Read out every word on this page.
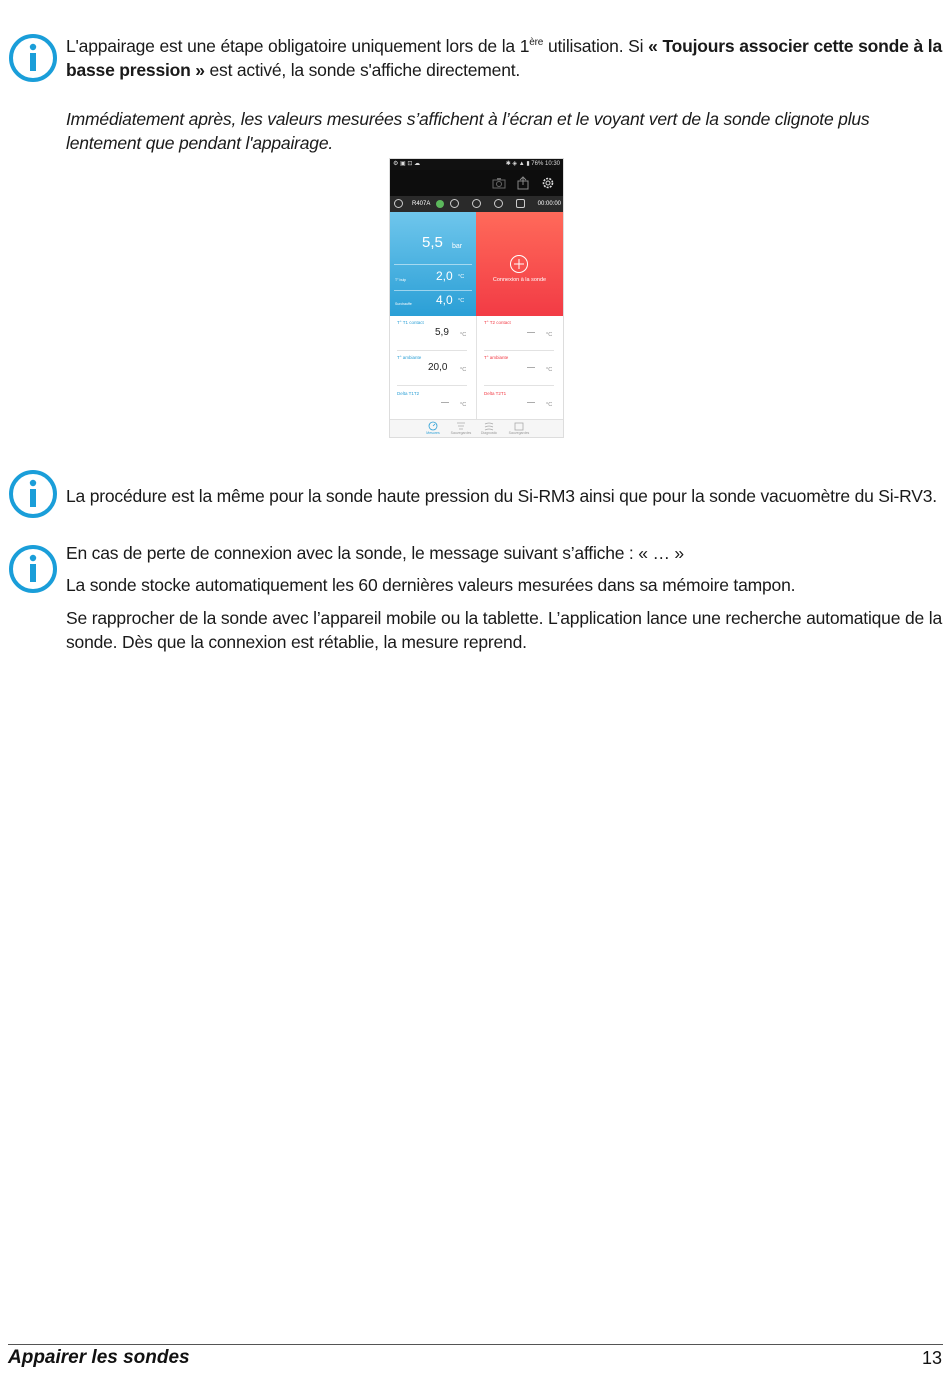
L'appairage est une étape obligatoire uniquement lors de la 1ère utilisation. Si « Toujours associer cette sonde à la basse pression » est activé, la sonde s'affiche directement.
Immédiatement après, les valeurs mesurées s’affichent à l’écran et le voyant vert de la sonde clignote plus lentement que pendant l'appairage.
⚙ ▣ ⊡ ☁	✱ ◈ ▲ ▮ 76% 10:30
R407A	00:00:00
5,5 bar
T° bulp 2,0 °C
Surchauffe 4,0 °C
Connexion à la sonde
T° T1 contact
5,9 °C
T° T2 contact
---- °C
T° ambiante
20,0 °C
T° ambiante
---- °C
Delta T1T2
---- °C
Delta T2T1
---- °C
Mesures	Sauvegardes	Diagnostic	Sauvegardes
La procédure est la même pour la sonde haute pression du Si-RM3 ainsi que pour la sonde vacuomètre du Si-RV3.
En cas de perte de connexion avec la sonde, le message suivant s’affiche : « … »
La sonde stocke automatiquement les 60 dernières valeurs mesurées dans sa mémoire tampon.
Se rapprocher de la sonde avec l’appareil mobile ou la tablette. L’application lance une recherche automatique de la sonde. Dès que la connexion est rétablie, la mesure reprend.
Appairer les sondes	13
